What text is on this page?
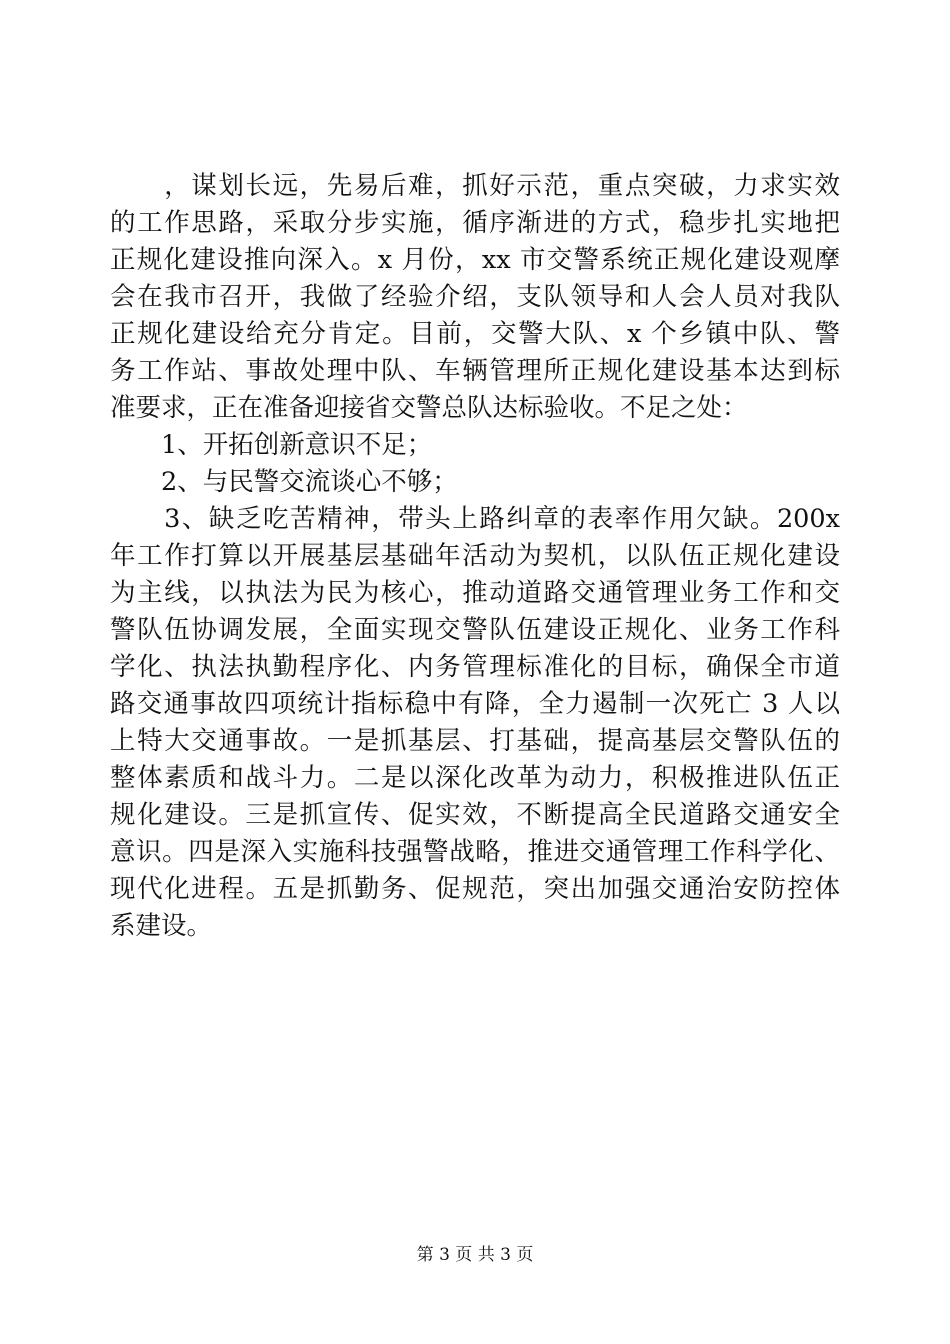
　　，谋划长远，先易后难，抓好示范，重点突破，力求实效
的工作思路，采取分步实施，循序渐进的方式，稳步扎实地把
正规化建设推向深入。x 月份，xx 市交警系统正规化建设观摩
会在我市召开，我做了经验介绍，支队领导和人会人员对我队
正规化建设给充分肯定。目前，交警大队、x 个乡镇中队、警
务工作站、事故处理中队、车辆管理所正规化建设基本达到标
准要求，正在准备迎接省交警总队达标验收。不足之处：
　　1、开拓创新意识不足；
　　2、与民警交流谈心不够；
　　3、缺乏吃苦精神，带头上路纠章的表率作用欠缺。200x
年工作打算以开展基层基础年活动为契机，以队伍正规化建设
为主线，以执法为民为核心，推动道路交通管理业务工作和交
警队伍协调发展，全面实现交警队伍建设正规化、业务工作科
学化、执法执勤程序化、内务管理标准化的目标，确保全市道
路交通事故四项统计指标稳中有降，全力遏制一次死亡 3 人以
上特大交通事故。一是抓基层、打基础，提高基层交警队伍的
整体素质和战斗力。二是以深化改革为动力，积极推进队伍正
规化建设。三是抓宣传、促实效，不断提高全民道路交通安全
意识。四是深入实施科技强警战略，推进交通管理工作科学化、
现代化进程。五是抓勤务、促规范，突出加强交通治安防控体
系建设。
第 3 页 共 3 页
